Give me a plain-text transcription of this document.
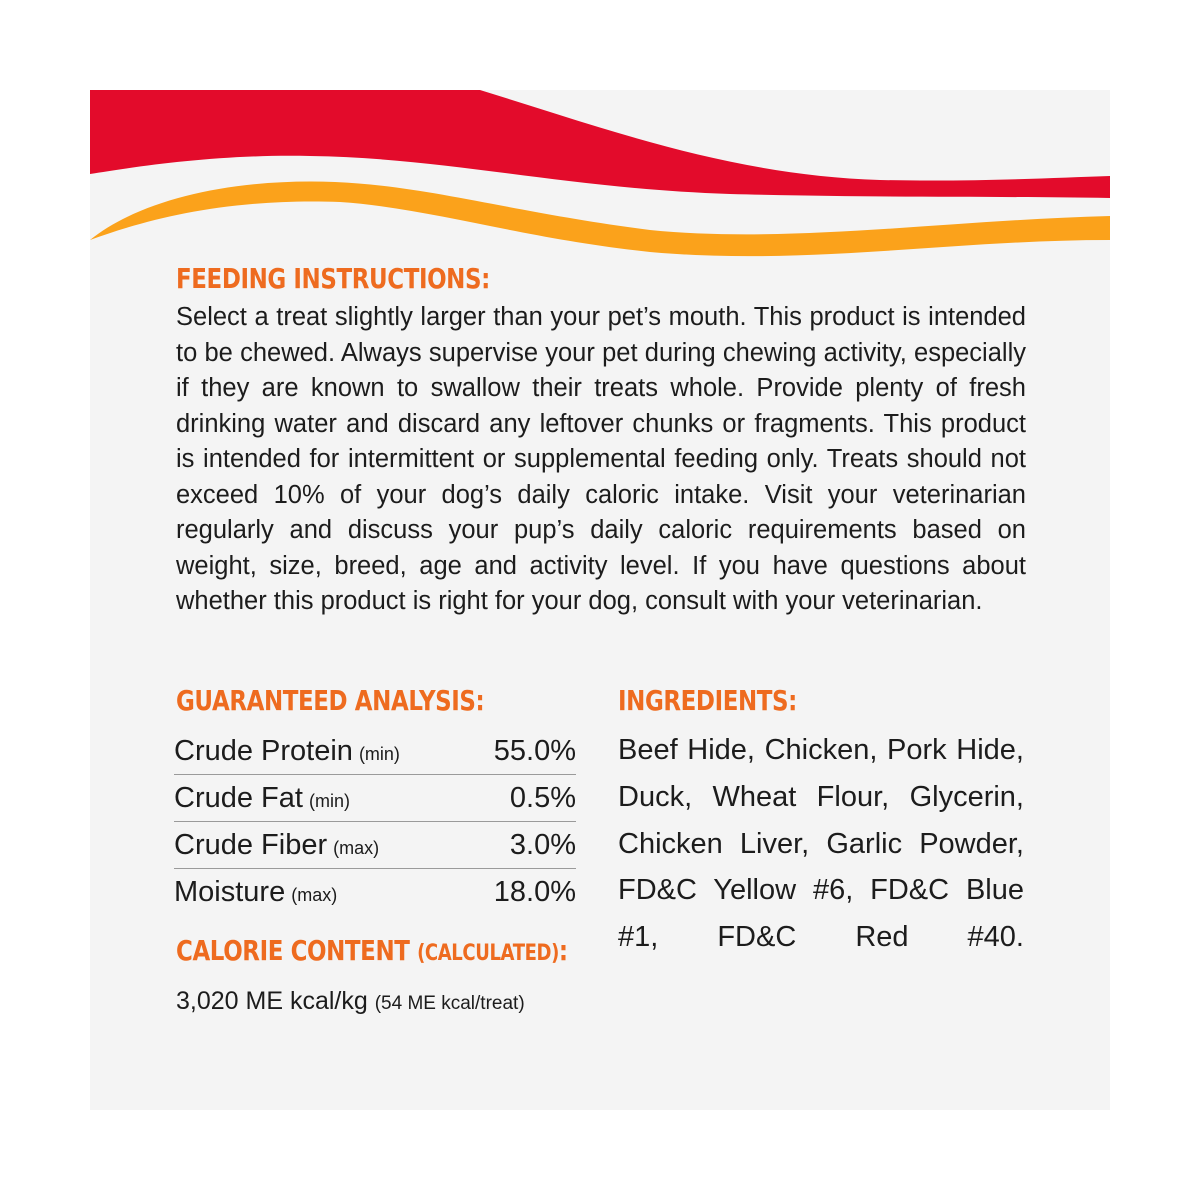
FEEDING INSTRUCTIONS:
Select a treat slightly larger than your pet’s mouth. This product is intended to be chewed. Always supervise your pet during chewing activity, especially if they are known to swallow their treats whole. Provide plenty of fresh drinking water and discard any leftover chunks or fragments. This product is intended for intermittent or supplemental feeding only. Treats should not exceed 10% of your dog’s daily caloric intake. Visit your veterinarian regularly and discuss your pup’s daily caloric requirements based on weight, size, breed, age and activity level. If you have questions about whether this product is right for your dog, consult with your veterinarian.
GUARANTEED ANALYSIS:
Crude Protein (min)	55.0%
Crude Fat (min)	0.5%
Crude Fiber (max)	3.0%
Moisture (max)	18.0%
CALORIE CONTENT (CALCULATED):
3,020 ME kcal/kg (54 ME kcal/treat)
INGREDIENTS:
Beef Hide, Chicken, Pork Hide, Duck, Wheat Flour, Glycerin, Chicken Liver, Garlic Powder, FD&C Yellow #6, FD&C Blue #1, FD&C Red #40.
